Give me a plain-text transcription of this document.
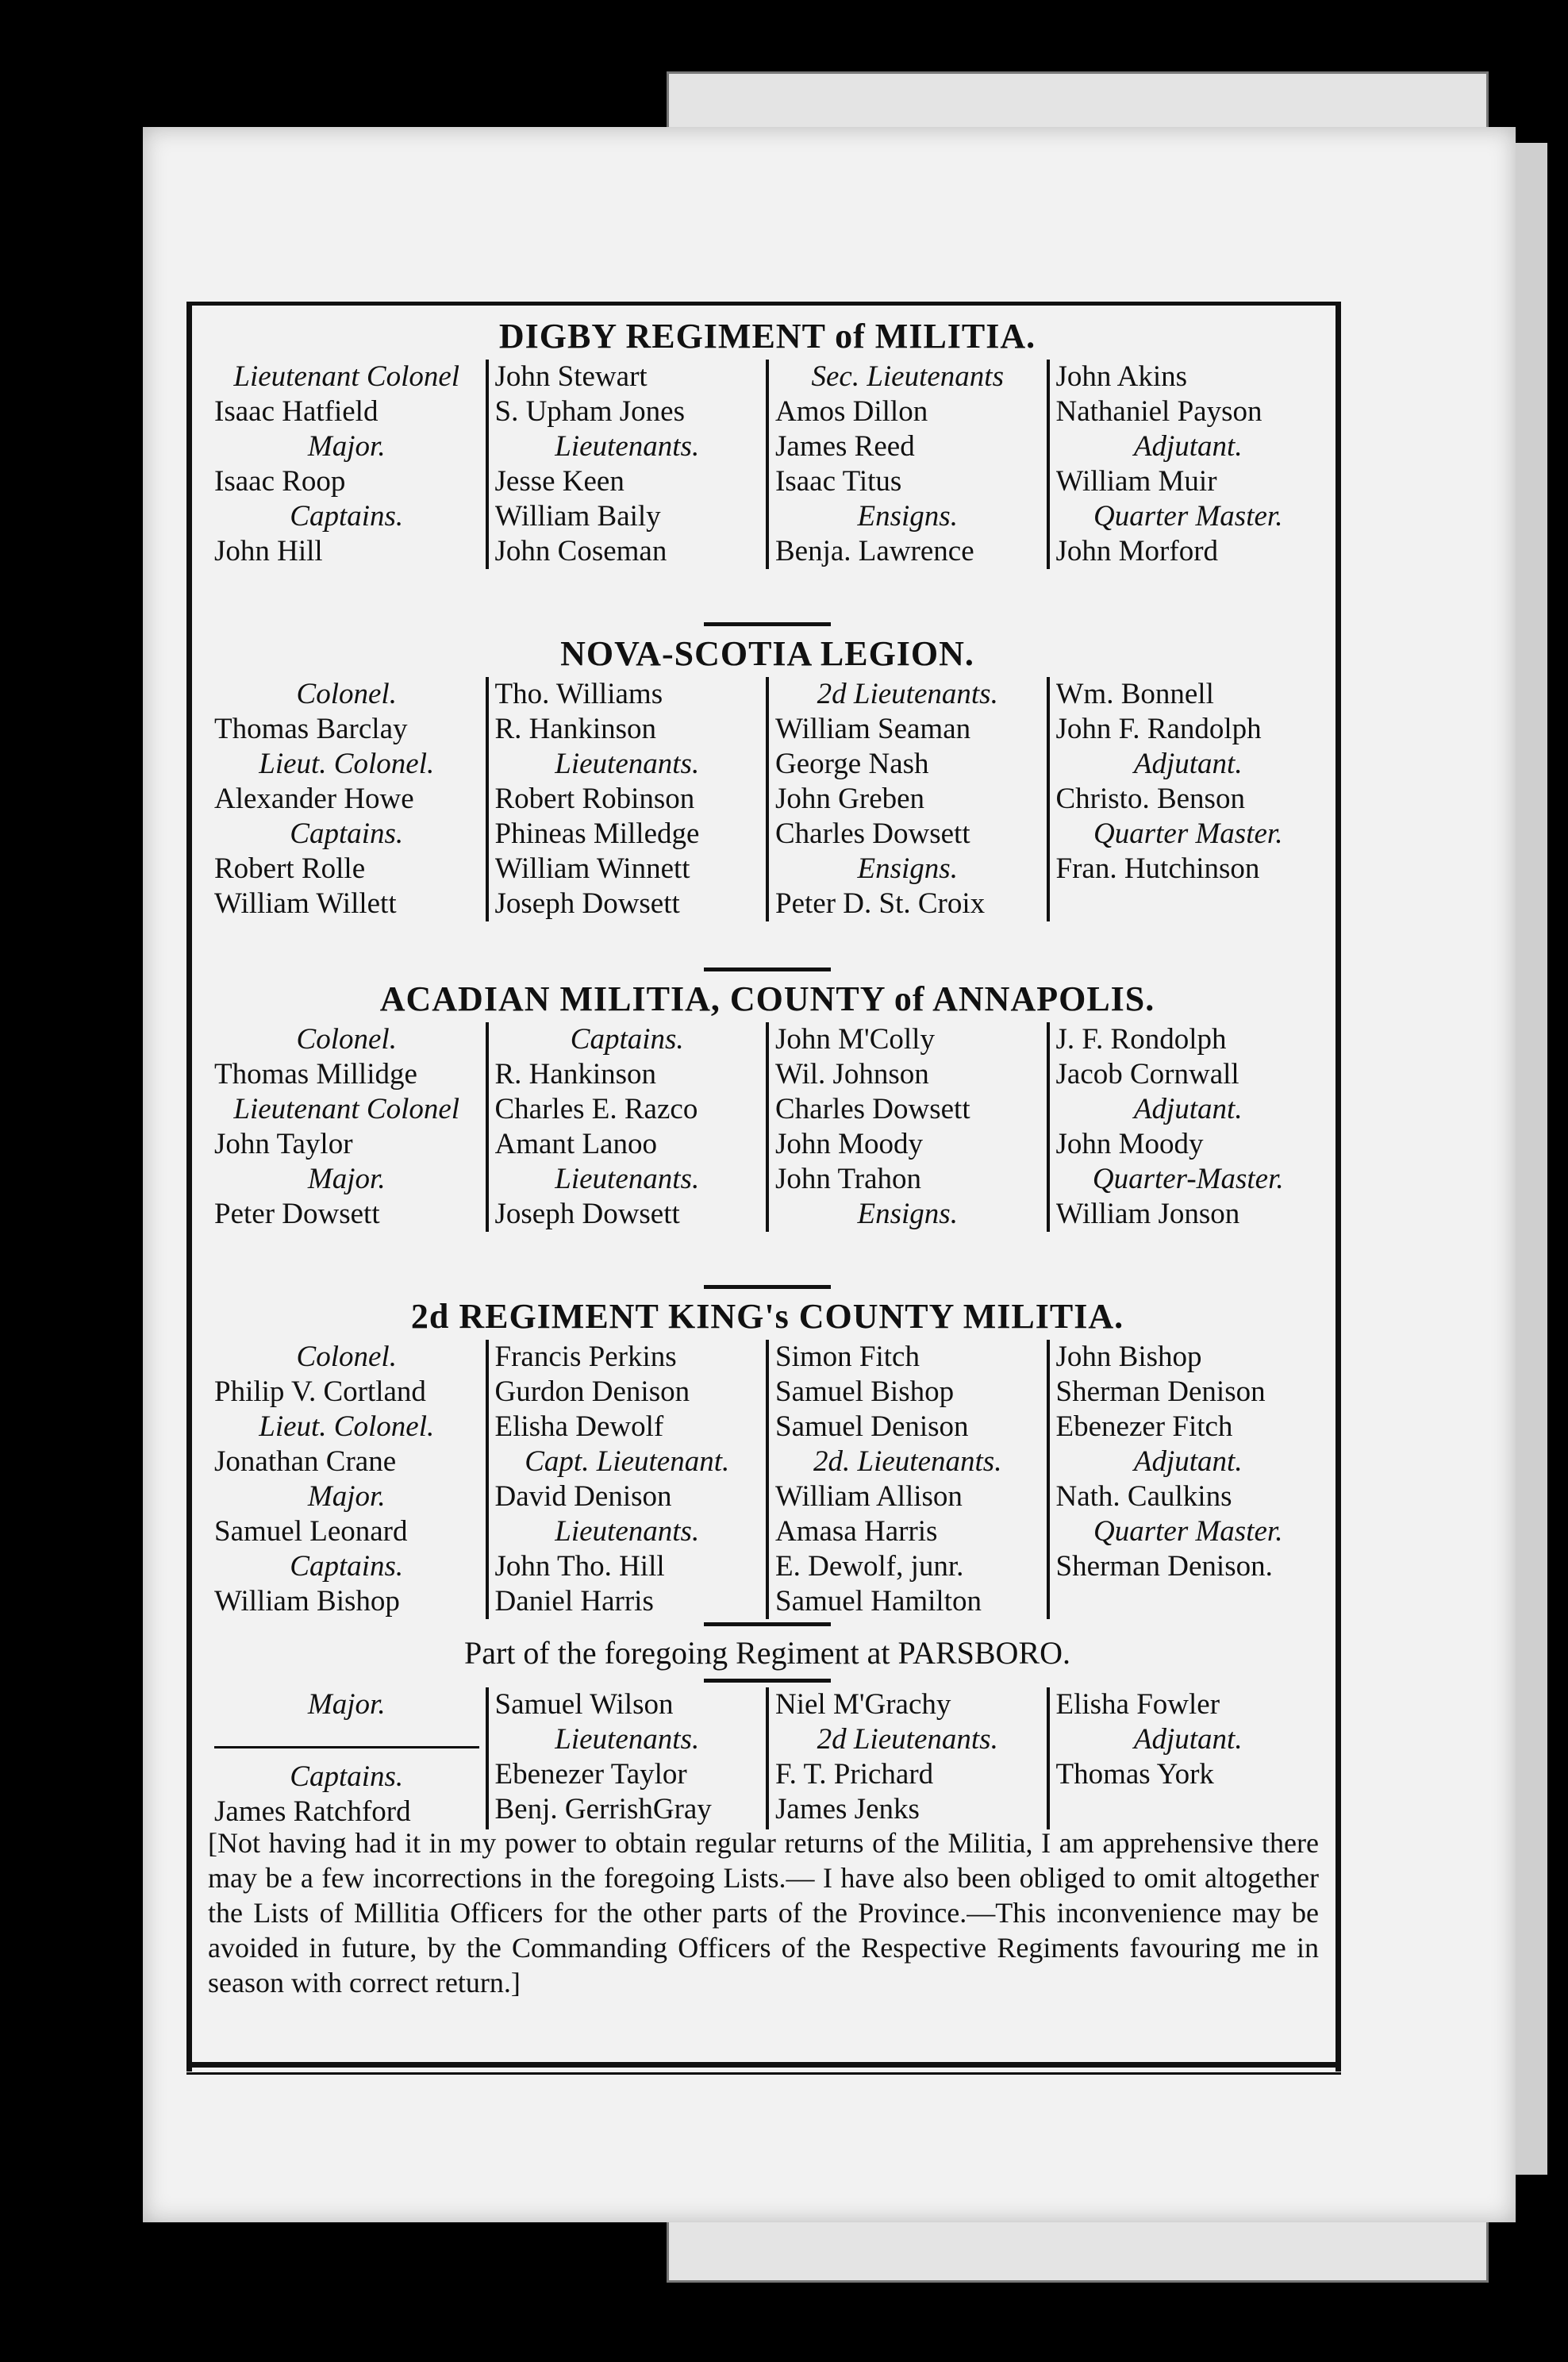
DIGBY REGIMENT of MILITIA.
Lieutenant Colonel
Isaac Hatfield
Major.
Isaac Roop
Captains.
John Hill
John Stewart
S. Upham Jones
Lieutenants.
Jesse Keen
William Baily
John Coseman
Sec. Lieutenants
Amos Dillon
James Reed
Isaac Titus
Ensigns.
Benja. Lawrence
John Akins
Nathaniel Payson
Adjutant.
William Muir
Quarter Master.
John Morford
NOVA-SCOTIA LEGION.
Colonel.
Thomas Barclay
Lieut. Colonel.
Alexander Howe
Captains.
Robert Rolle
William Willett
Tho. Williams
R. Hankinson
Lieutenants.
Robert Robinson
Phineas Milledge
William Winnett
Joseph Dowsett
2d Lieutenants.
William Seaman
George Nash
John Greben
Charles Dowsett
Ensigns.
Peter D. St. Croix
Wm. Bonnell
John F. Randolph
Adjutant.
Christo. Benson
Quarter Master.
Fran. Hutchinson
ACADIAN MILITIA, COUNTY of ANNAPOLIS.
Colonel.
Thomas Millidge
Lieutenant Colonel
John Taylor
Major.
Peter Dowsett
Captains.
R. Hankinson
Charles E. Razco
Amant Lanoo
Lieutenants.
Joseph Dowsett
John M'Colly
Wil. Johnson
Charles Dowsett
John Moody
John Trahon
Ensigns.
J. F. Rondolph
Jacob Cornwall
Adjutant.
John Moody
Quarter-Master.
William Jonson
2d REGIMENT KING's COUNTY MILITIA.
Colonel.
Philip V. Cortland
Lieut. Colonel.
Jonathan Crane
Major.
Samuel Leonard
Captains.
William Bishop
Francis Perkins
Gurdon Denison
Elisha Dewolf
Capt. Lieutenant.
David Denison
Lieutenants.
John Tho. Hill
Daniel Harris
Simon Fitch
Samuel Bishop
Samuel Denison
2d. Lieutenants.
William Allison
Amasa Harris
E. Dewolf, junr.
Samuel Hamilton
John Bishop
Sherman Denison
Ebenezer Fitch
Adjutant.
Nath. Caulkins
Quarter Master.
Sherman Denison.
Part of the foregoing Regiment at PARSBORO.
Major.
Captains.
James Ratchford
Samuel Wilson
Lieutenants.
Ebenezer Taylor
Benj. GerrishGray
Niel M'Grachy
2d Lieutenants.
F. T. Prichard
James Jenks
Elisha Fowler
Adjutant.
Thomas York
[Not having had it in my power to obtain regular returns of the Militia, I am apprehensive there may be a few incorrections in the foregoing Lists.— I have also been obliged to omit altogether the Lists of Millitia Officers for the other parts of the Province.—This inconvenience may be avoided in future, by the Commanding Officers of the Respective Regiments favouring me in season with correct return.]
